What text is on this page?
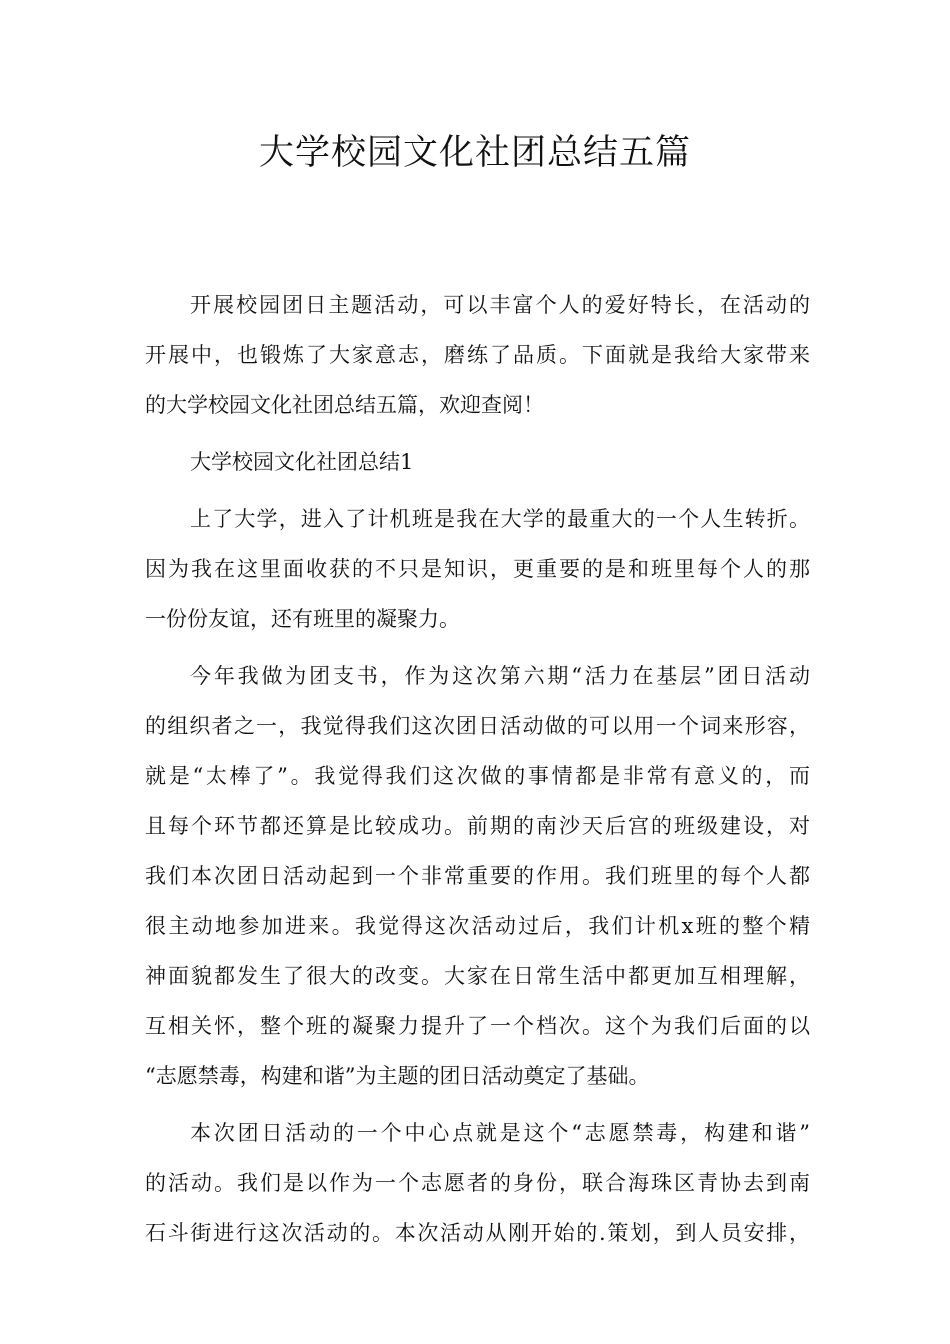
大学校园文化社团总结五篇

开展校园团日主题活动，可以丰富个人的爱好特长，在活动的
开展中，也锻炼了大家意志，磨练了品质。下面就是我给大家带来
的大学校园文化社团总结五篇，欢迎查阅！

大学校园文化社团总结1

上了大学，进入了计机班是我在大学的最重大的一个人生转折。
因为我在这里面收获的不只是知识，更重要的是和班里每个人的那
一份份友谊，还有班里的凝聚力。

今年我做为团支书，作为这次第六期“活力在基层”团日活动
的组织者之一，我觉得我们这次团日活动做的可以用一个词来形容，
就是“太棒了”。我觉得我们这次做的事情都是非常有意义的，而
且每个环节都还算是比较成功。前期的南沙天后宫的班级建设，对
我们本次团日活动起到一个非常重要的作用。我们班里的每个人都
很主动地参加进来。我觉得这次活动过后，我们计机x班的整个精
神面貌都发生了很大的改变。大家在日常生活中都更加互相理解，
互相关怀，整个班的凝聚力提升了一个档次。这个为我们后面的以
“志愿禁毒，构建和谐”为主题的团日活动奠定了基础。

本次团日活动的一个中心点就是这个“志愿禁毒，构建和谐”
的活动。我们是以作为一个志愿者的身份，联合海珠区青协去到南
石斗街进行这次活动的。本次活动从刚开始的.策划，到人员安排，
